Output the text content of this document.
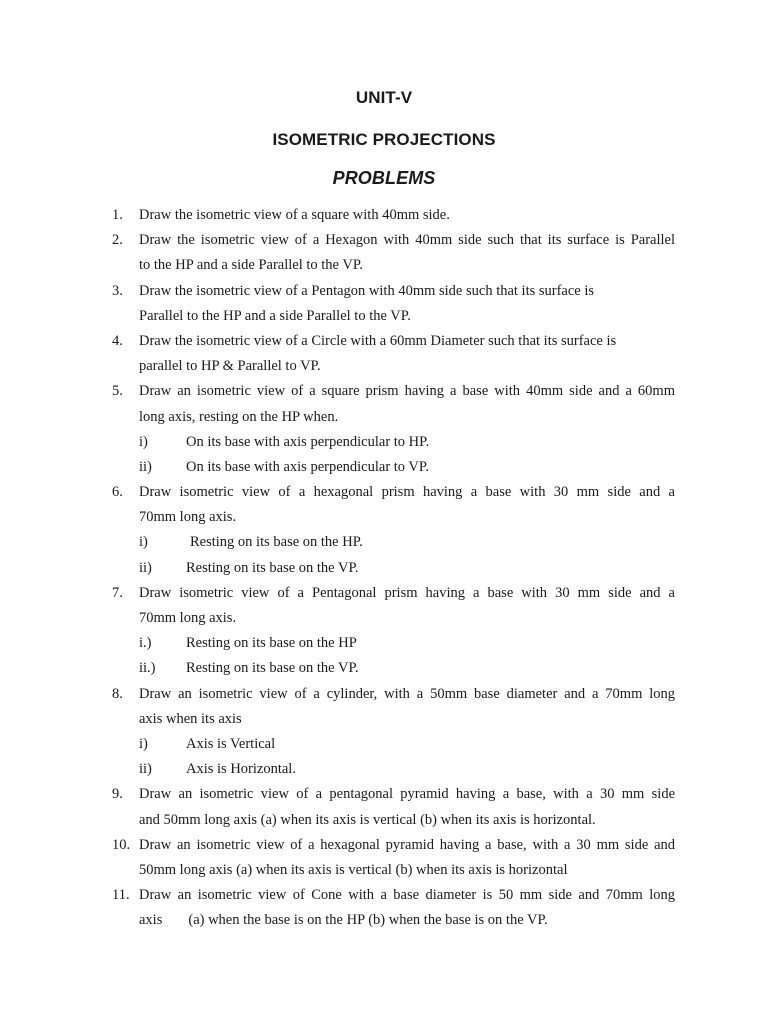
UNIT-V
ISOMETRIC PROJECTIONS
PROBLEMS
1. Draw the isometric view of a square with 40mm side.
2. Draw the isometric view of a Hexagon with 40mm side such that its surface is Parallel
to the HP and a side Parallel to the VP.
3. Draw the isometric view of a Pentagon with 40mm side such that its surface is
Parallel to the HP and a side Parallel to the VP.
4. Draw the isometric view of a Circle with a 60mm Diameter such that its surface is
parallel to HP & Parallel to VP.
5. Draw an isometric view of a square prism having a base with 40mm side and a 60mm
long axis, resting on the HP when.
i)	On its base with axis perpendicular to HP.
ii) On its base with axis perpendicular to VP.
6. Draw isometric view of a hexagonal prism having a base with 30 mm side and a
70mm long axis.
i)	Resting on its base on the HP.
ii) Resting on its base on the VP.
7. Draw isometric view of a Pentagonal prism having a base with 30 mm side and a
70mm long axis.
i.) Resting on its base on the HP
ii.) Resting on its base on the VP.
8. Draw an isometric view of a cylinder, with a 50mm base diameter and a 70mm long
axis when its axis
i)	Axis is Vertical
ii) Axis is Horizontal.
9. Draw an isometric view of a pentagonal pyramid having a base, with a 30 mm side
and 50mm long axis (a) when its axis is vertical (b) when its axis is horizontal.
10. Draw an isometric view of a hexagonal pyramid having a base, with a 30 mm side and
50mm long axis (a) when its axis is vertical (b) when its axis is horizontal
11. Draw an isometric view of Cone with a base diameter is 50 mm side and 70mm long
axis (a) when the base is on the HP (b) when the base is on the VP.
